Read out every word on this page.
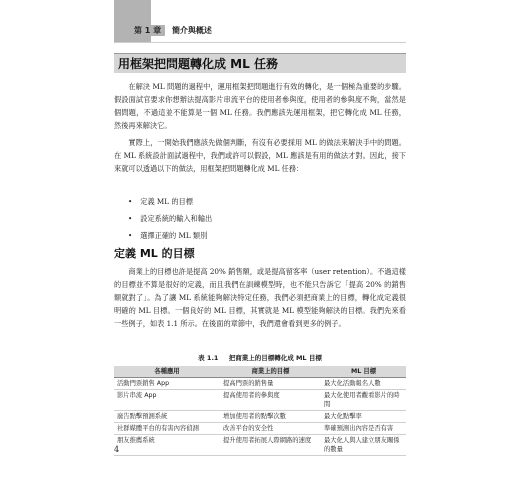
第 1 章 簡介與概述
用框架把問題轉化成 ML 任務

在解決 ML 問題的過程中，運用框架把問題進行有效的轉化，是一個極為重要的步驟。假設面試官要求你想辦法提高影片串流平台的使用者參與度，使用者的參與度不夠，當然是個問題，不過這並不能算是一個 ML 任務。我們應該先運用框架，把它轉化成 ML 任務，然後再來解決它。

實際上，一開始我們應該先做個判斷，有沒有必要採用 ML 的做法來解決手中的問題。在 ML 系統設計面試過程中，我們或許可以假設，ML 應該是有用的做法才對。因此，接下來就可以透過以下的做法，用框架把問題轉化成 ML 任務：

• 定義 ML 的目標
• 設定系統的輸入和輸出
• 選擇正確的 ML 類別
定義 ML 的目標

商業上的目標也許是提高 20% 銷售額，或是提高留客率（user retention）。不過這樣的目標並不算是很好的定義，而且我們在訓練模型時，也不能只告訴它「提高 20% 的銷售額就對了」。為了讓 ML 系統能夠解決特定任務，我們必須把商業上的目標，轉化成定義很明確的 ML 目標。一個良好的 ML 目標，其實就是 ML 模型能夠解決的目標。我們先來看一些例子，如表 1.1 所示。在後面的章節中，我們還會看到更多的例子。

表 1.1 把商業上的目標轉化成 ML 目標
各種應用	商業上的目標	ML 目標
活動門票銷售 App	提高門票的銷售量	最大化活動報名人數
影片串流 App	提高使用者的參與度	最大化使用者觀看影片的時間
廣告點擊預測系統	增加使用者的點擊次數	最大化點擊率
社群媒體平台的有害內容偵測	改善平台的安全性	準確預測出內容是否有害
朋友推薦系統	提升使用者拓展人際網路的速度	最大化人與人建立朋友關係的數量
4
